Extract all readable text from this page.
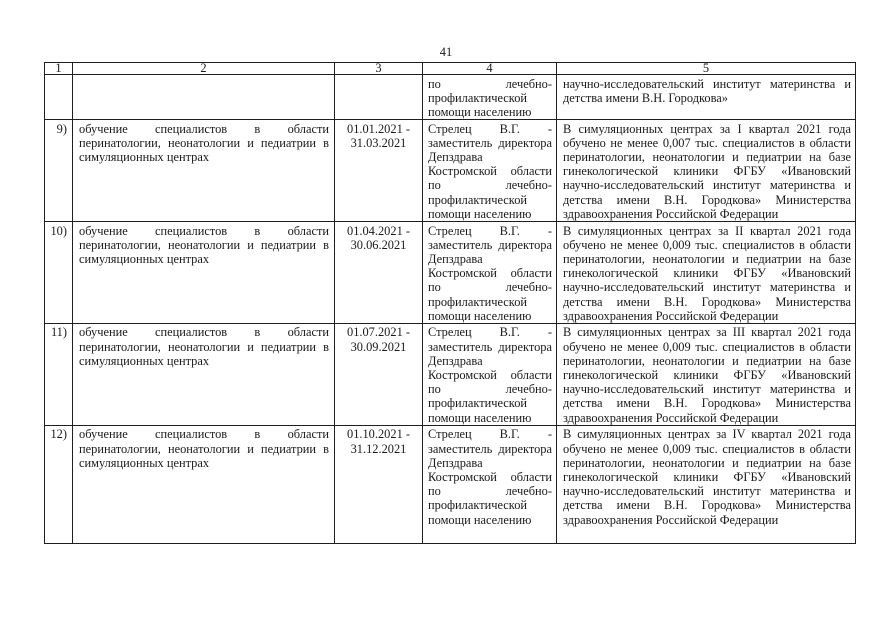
41
1	2	3	4	5
			по лечебно-профилактической помощи населению	научно-исследовательский институт материнства и детства имени В.Н. Городкова»
9)	обучение специалистов в области перинатологии, неонатологии и педиатрии в симуляционных центрах	01.01.2021 - 31.03.2021	Стрелец В.Г. - заместитель директора Депздрава Костромской области по лечебно-профилактической помощи населению	В симуляционных центрах за I квартал 2021 года обучено не менее 0,007 тыс. специалистов в области перинатологии, неонатологии и педиатрии на базе гинекологической клиники ФГБУ «Ивановский научно-исследовательский институт материнства и детства имени В.Н. Городкова» Министерства здравоохранения Российской Федерации
10)	обучение специалистов в области перинатологии, неонатологии и педиатрии в симуляционных центрах	01.04.2021 - 30.06.2021	Стрелец В.Г. - заместитель директора Депздрава Костромской области по лечебно-профилактической помощи населению	В симуляционных центрах за II квартал 2021 года обучено не менее 0,009 тыс. специалистов в области перинатологии, неонатологии и педиатрии на базе гинекологической клиники ФГБУ «Ивановский научно-исследовательский институт материнства и детства имени В.Н. Городкова» Министерства здравоохранения Российской Федерации
11)	обучение специалистов в области перинатологии, неонатологии и педиатрии в симуляционных центрах	01.07.2021 - 30.09.2021	Стрелец В.Г. - заместитель директора Депздрава Костромской области по лечебно-профилактической помощи населению	В симуляционных центрах за III квартал 2021 года обучено не менее 0,009 тыс. специалистов в области перинатологии, неонатологии и педиатрии на базе гинекологической клиники ФГБУ «Ивановский научно-исследовательский институт материнства и детства имени В.Н. Городкова» Министерства здравоохранения Российской Федерации
12)	обучение специалистов в области перинатологии, неонатологии и педиатрии в симуляционных центрах	01.10.2021 - 31.12.2021	Стрелец В.Г. - заместитель директора Депздрава Костромской области по лечебно-профилактической помощи населению	В симуляционных центрах за IV квартал 2021 года обучено не менее 0,009 тыс. специалистов в области перинатологии, неонатологии и педиатрии на базе гинекологической клиники ФГБУ «Ивановский научно-исследовательский институт материнства и детства имени В.Н. Городкова» Министерства здравоохранения Российской Федерации
